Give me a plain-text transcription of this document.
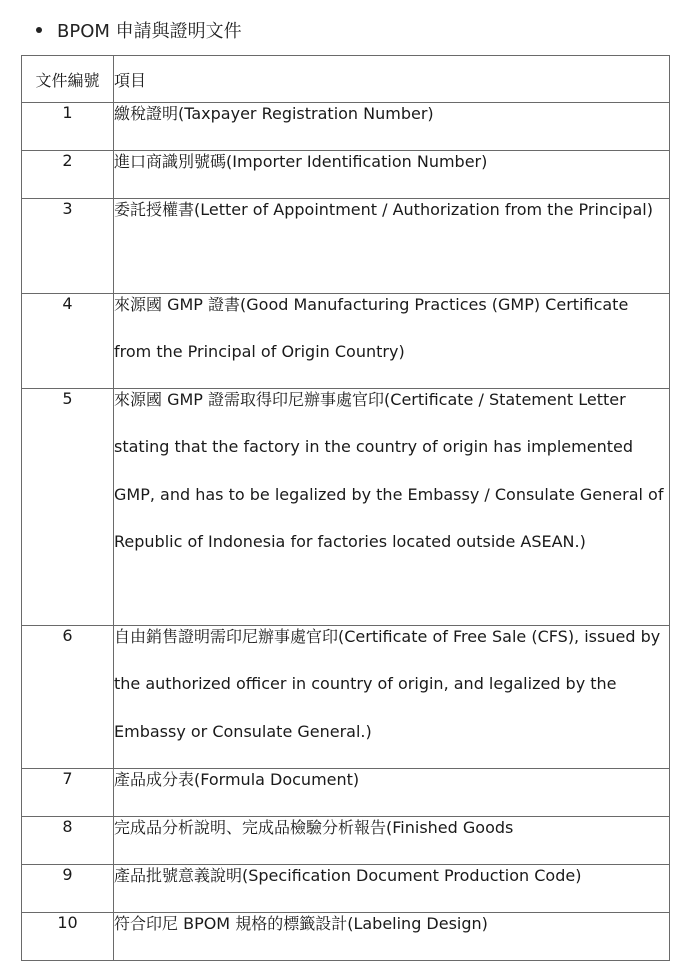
BPOM 申請與證明文件
文件編號	項目
1	繳稅證明(Taxpayer Registration Number)

2	進口商識別號碼(Importer Identification Number)

3	委託授權書(Letter of Appointment / Authorization from the Principal)

4	來源國 GMP 證書(Good Manufacturing Practices (GMP) Certificate from the Principal of Origin Country)

5	來源國 GMP 證需取得印尼辦事處官印(Certificate / Statement Letter stating that the factory in the country of origin has implemented GMP, and has to be legalized by the Embassy / Consulate General of Republic of Indonesia for factories located outside ASEAN.)

6	自由銷售證明需印尼辦事處官印(Certificate of Free Sale (CFS), issued by the authorized officer in country of origin, and legalized by the Embassy or Consulate General.)

7	產品成分表(Formula Document)

8	完成品分析說明、完成品檢驗分析報告(Finished Goods

9	產品批號意義說明(Specification Document Production Code)

10	符合印尼 BPOM 規格的標籤設計(Labeling Design)
